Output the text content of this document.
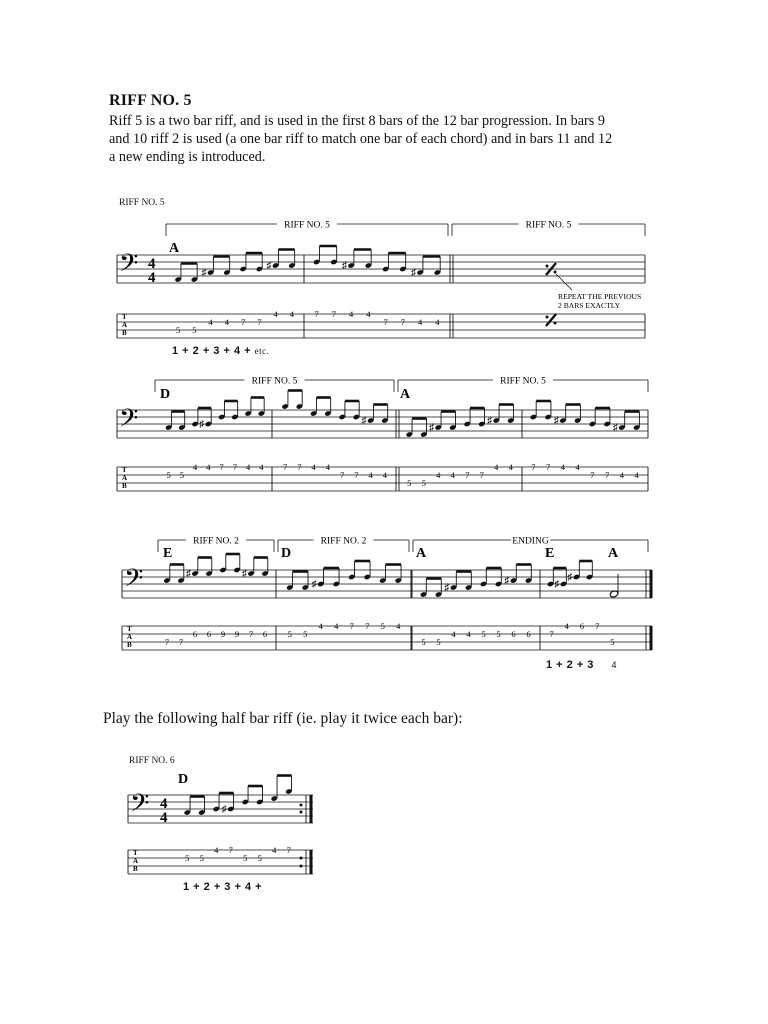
RIFF NO. 5
Riff 5 is a two bar riff, and is used in the first 8 bars of the 12 bar progression. In bars 9
and 10 riff 2 is used (a one bar riff to match one bar of each chord) and in bars 11 and 12
a new ending is introduced.
RIFF NO. 5
1 + 2 + 3 + 4 + etc.
1 + 2 + 3 4
Play the following half bar riff (ie. play it twice each bar):
RIFF NO. 6
1 + 2 + 3 + 4 +
T
A
B
𝄢 4
4
RIFF NO. 5	RIFF NO. 5
A
♯
♯	♯
♯
5 5
4 4 7 7
4 4 7 7 4 4
7 7 4 4
REPEAT THE PREVIOUS
2 BARS EXACTLY
T
A
B
𝄢
RIFF NO. 5	RIFF NO. 5
D	A
♯	♯
♯
♯	♯
♯
5 5
4 4 7 7 4 4 7 7 4 4
7 7 4 4
5 5
4 4 7 7
4 4 7 7 4 4
7 7 4 4
T
A
B
𝄢
RIFF NO. 2	RIFF NO. 2	ENDING
E	D	A	E	A
♯	♯
♯	♯
♯	♯
♯
7 7
6 6 9 9 7 6 5 5
4 4 7 7 5 4
5 5
4 4 5 5 6 6 7
4 6 7
5
T
A
B
𝄢 4
4
D
♯
5 5
4 7
5 5
4 7
